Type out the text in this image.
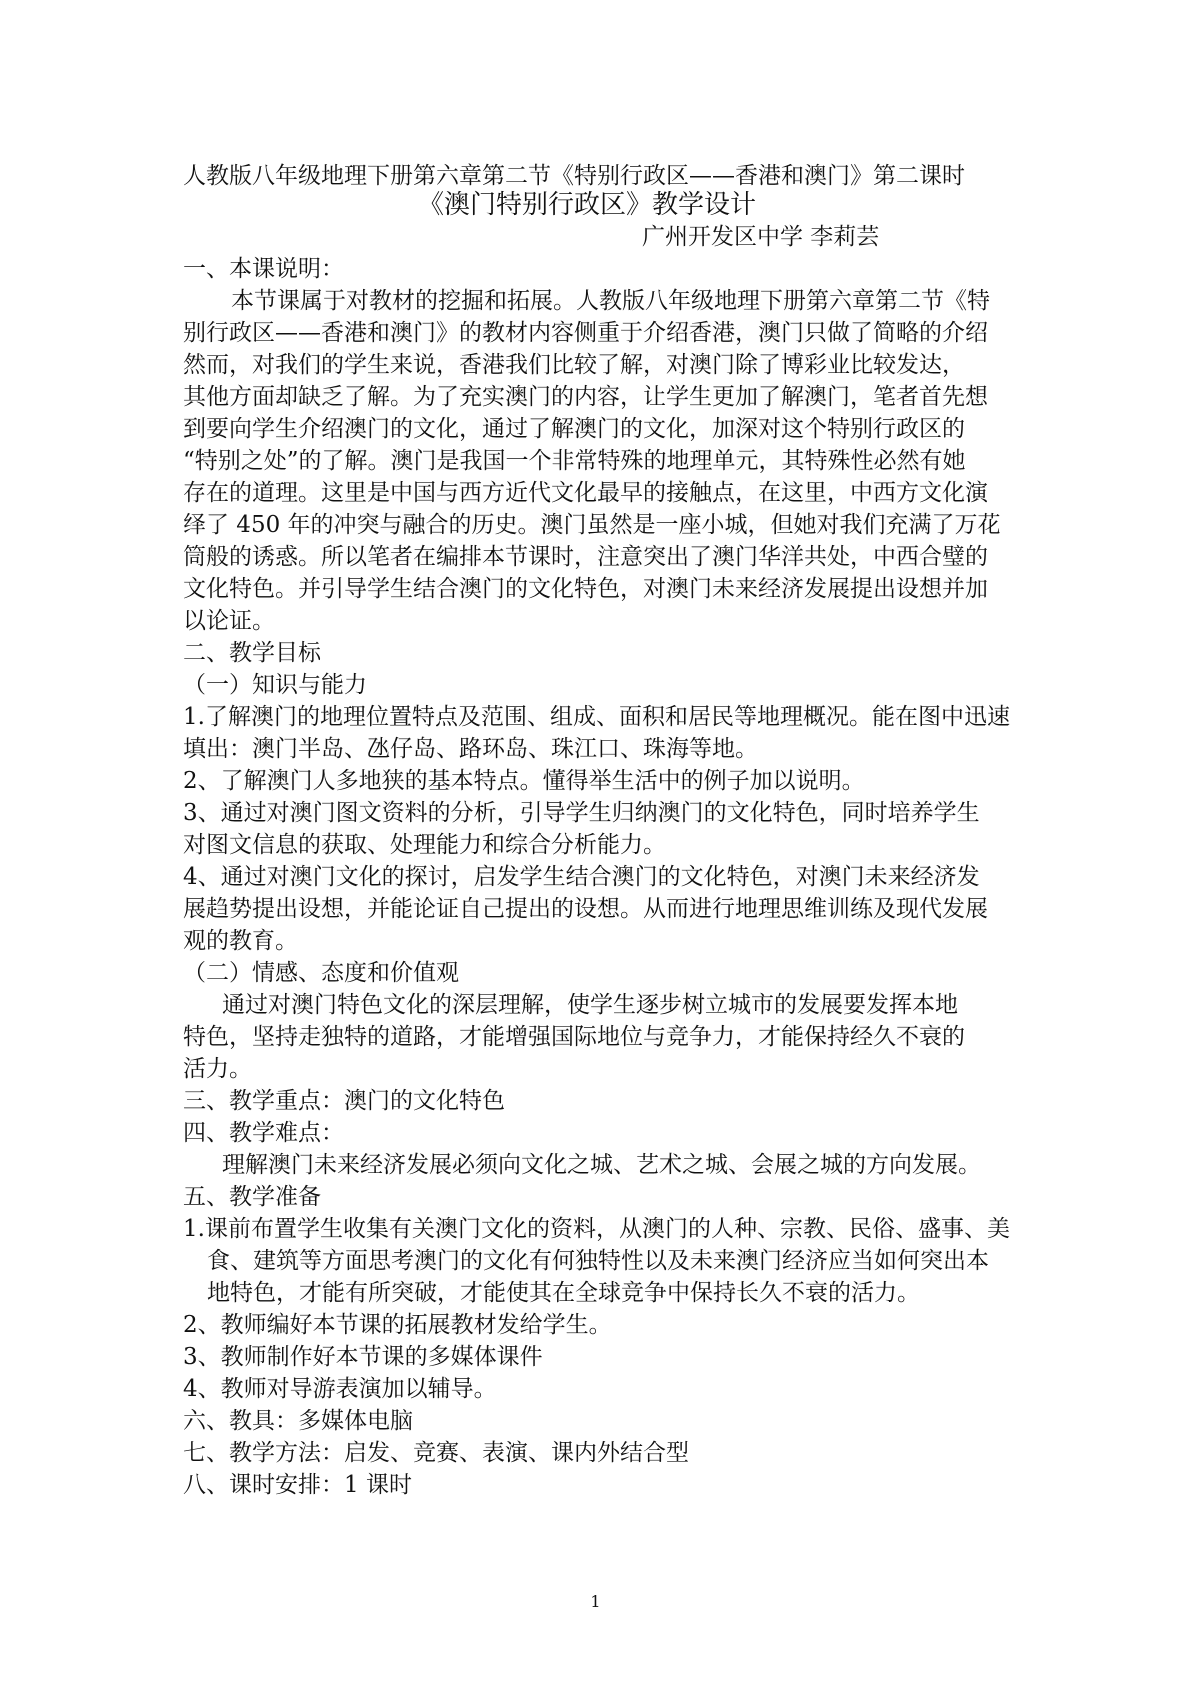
人教版八年级地理下册第六章第二节《特别行政区——香港和澳门》第二课时
《澳门特别行政区》教学设计
广州开发区中学 李莉芸
一、本课说明：
本节课属于对教材的挖掘和拓展。人教版八年级地理下册第六章第二节《特
别行政区——香港和澳门》的教材内容侧重于介绍香港，澳门只做了简略的介绍
然而，对我们的学生来说，香港我们比较了解，对澳门除了博彩业比较发达，
其他方面却缺乏了解。为了充实澳门的内容，让学生更加了解澳门，笔者首先想
到要向学生介绍澳门的文化，通过了解澳门的文化，加深对这个特别行政区的
“特别之处”的了解。澳门是我国一个非常特殊的地理单元，其特殊性必然有她
存在的道理。这里是中国与西方近代文化最早的接触点，在这里，中西方文化演
绎了 450 年的冲突与融合的历史。澳门虽然是一座小城，但她对我们充满了万花
筒般的诱惑。所以笔者在编排本节课时，注意突出了澳门华洋共处，中西合璧的
文化特色。并引导学生结合澳门的文化特色，对澳门未来经济发展提出设想并加
以论证。
二、教学目标
（一）知识与能力
1.了解澳门的地理位置特点及范围、组成、面积和居民等地理概况。能在图中迅速
填出：澳门半岛、氹仔岛、路环岛、珠江口、珠海等地。
2、了解澳门人多地狭的基本特点。懂得举生活中的例子加以说明。
3、通过对澳门图文资料的分析，引导学生归纳澳门的文化特色，同时培养学生
对图文信息的获取、处理能力和综合分析能力。
4、通过对澳门文化的探讨，启发学生结合澳门的文化特色，对澳门未来经济发
展趋势提出设想，并能论证自己提出的设想。从而进行地理思维训练及现代发展
观的教育。
（二）情感、态度和价值观
通过对澳门特色文化的深层理解，使学生逐步树立城市的发展要发挥本地
特色，坚持走独特的道路，才能增强国际地位与竞争力，才能保持经久不衰的
活力。
三、教学重点：澳门的文化特色
四、教学难点：
理解澳门未来经济发展必须向文化之城、艺术之城、会展之城的方向发展。
五、教学准备
1.课前布置学生收集有关澳门文化的资料，从澳门的人种、宗教、民俗、盛事、美
食、建筑等方面思考澳门的文化有何独特性以及未来澳门经济应当如何突出本
地特色，才能有所突破，才能使其在全球竞争中保持长久不衰的活力。
2、教师编好本节课的拓展教材发给学生。
3、教师制作好本节课的多媒体课件
4、教师对导游表演加以辅导。
六、教具：多媒体电脑
七、教学方法：启发、竞赛、表演、课内外结合型
八、课时安排：1 课时
1
